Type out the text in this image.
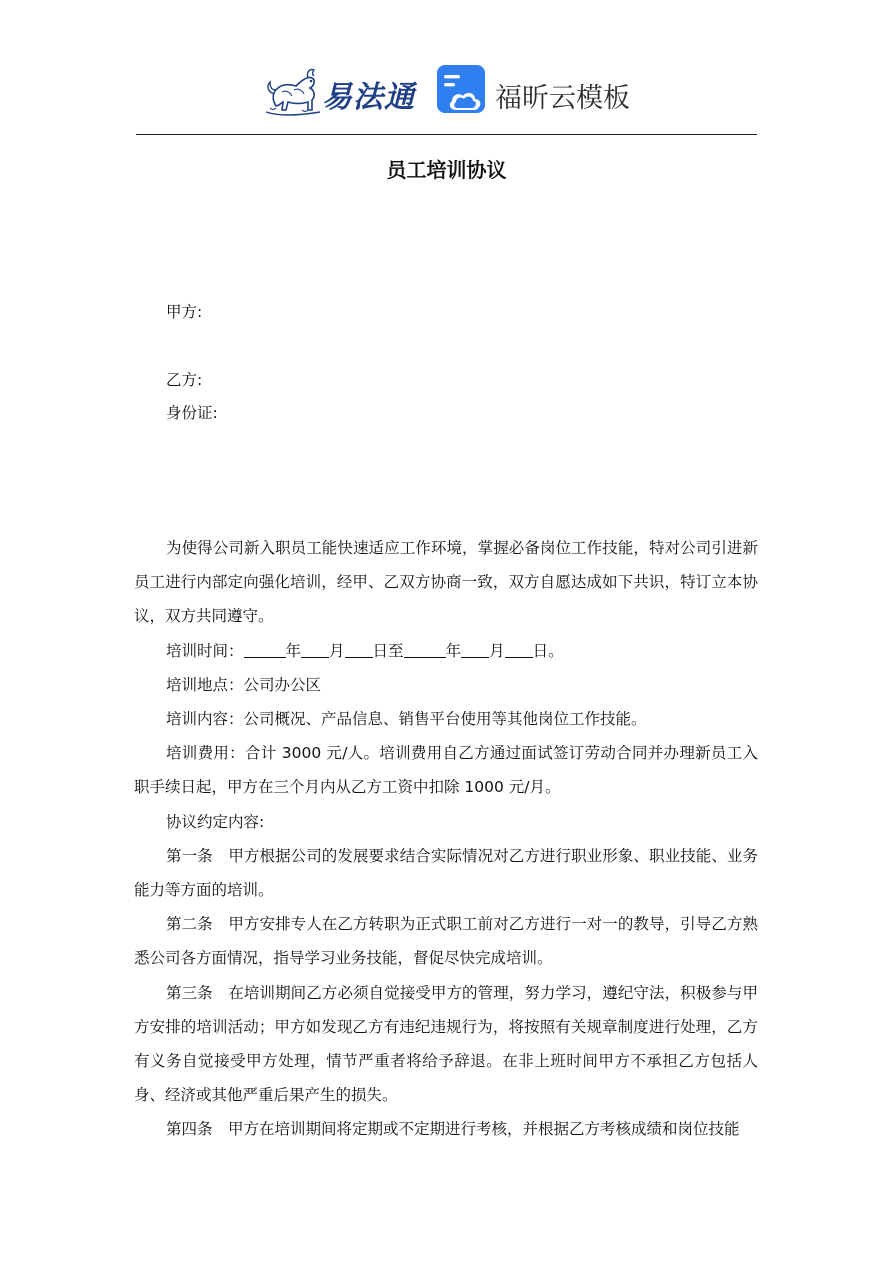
易法通	福昕云模板
员工培训协议
甲方:
乙方:
身份证:

为使得公司新入职员工能快速适应工作环境，掌握必备岗位工作技能，特对公司引进新员工进行内部定向强化培训，经甲、乙双方协商一致，双方自愿达成如下共识，特订立本协议，双方共同遵守。

培训时间：	年 月 日至	年 月 日。

培训地点：公司办公区

培训内容：公司概况、产品信息、销售平台使用等其他岗位工作技能。

培训费用：合计 3000 元/人。培训费用自乙方通过面试签订劳动合同并办理新员工入职手续日起，甲方在三个月内从乙方工资中扣除 1000 元/月。

协议约定内容:

第一条　甲方根据公司的发展要求结合实际情况对乙方进行职业形象、职业技能、业务能力等方面的培训。

第二条　甲方安排专人在乙方转职为正式职工前对乙方进行一对一的教导，引导乙方熟悉公司各方面情况，指导学习业务技能，督促尽快完成培训。

第三条　在培训期间乙方必须自觉接受甲方的管理，努力学习，遵纪守法，积极参与甲方安排的培训活动；甲方如发现乙方有违纪违规行为，将按照有关规章制度进行处理，乙方有义务自觉接受甲方处理，情节严重者将给予辞退。在非上班时间甲方不承担乙方包括人身、经济或其他严重后果产生的损失。

第四条　甲方在培训期间将定期或不定期进行考核，并根据乙方考核成绩和岗位技能
